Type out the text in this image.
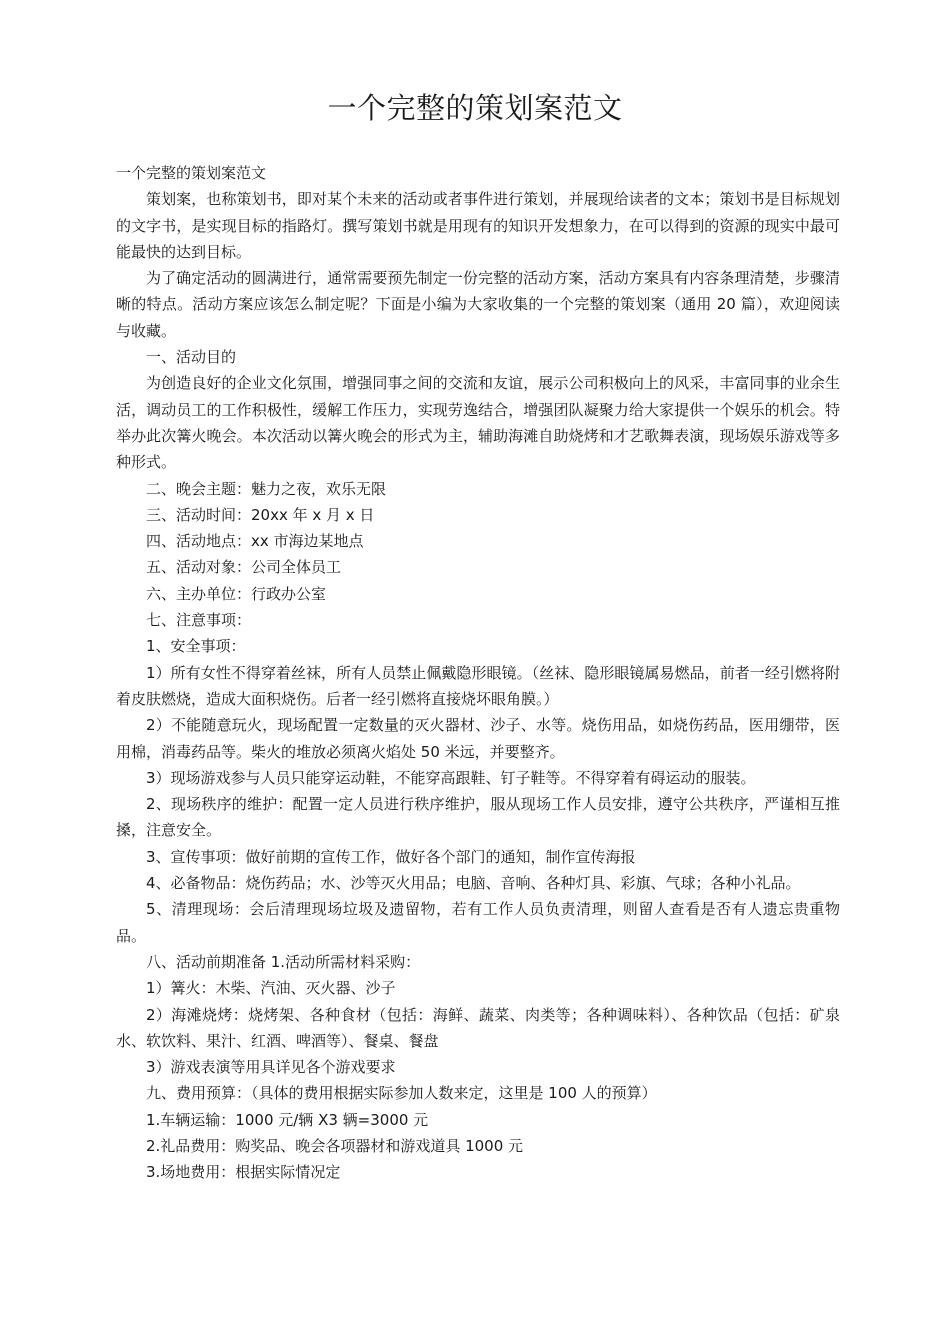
一个完整的策划案范文

一个完整的策划案范文

策划案，也称策划书，即对某个未来的活动或者事件进行策划，并展现给读者的文本；策划书是目标规划的文字书，是实现目标的指路灯。撰写策划书就是用现有的知识开发想象力，在可以得到的资源的现实中最可能最快的达到目标。

为了确定活动的圆满进行，通常需要预先制定一份完整的活动方案，活动方案具有内容条理清楚，步骤清晰的特点。活动方案应该怎么制定呢？下面是小编为大家收集的一个完整的策划案（通用 20 篇），欢迎阅读与收藏。

一、活动目的

为创造良好的企业文化氛围，增强同事之间的交流和友谊，展示公司积极向上的风采，丰富同事的业余生活，调动员工的工作积极性，缓解工作压力，实现劳逸结合，增强团队凝聚力给大家提供一个娱乐的机会。特举办此次篝火晚会。本次活动以篝火晚会的形式为主，辅助海滩自助烧烤和才艺歌舞表演，现场娱乐游戏等多种形式。

二、晚会主题：魅力之夜，欢乐无限

三、活动时间：20xx 年 x 月 x 日

四、活动地点：xx 市海边某地点

五、活动对象：公司全体员工

六、主办单位：行政办公室

七、注意事项：

1、安全事项：

1）所有女性不得穿着丝袜，所有人员禁止佩戴隐形眼镜。（丝袜、隐形眼镜属易燃品，前者一经引燃将附着皮肤燃烧，造成大面积烧伤。后者一经引燃将直接烧坏眼角膜。）

2）不能随意玩火，现场配置一定数量的灭火器材、沙子、水等。烧伤用品，如烧伤药品，医用绷带，医用棉，消毒药品等。柴火的堆放必须离火焰处 50 米远，并要整齐。

3）现场游戏参与人员只能穿运动鞋，不能穿高跟鞋、钉子鞋等。不得穿着有碍运动的服装。

2、现场秩序的维护：配置一定人员进行秩序维护，服从现场工作人员安排，遵守公共秩序，严谨相互推搡，注意安全。

3、宣传事项：做好前期的宣传工作，做好各个部门的通知，制作宣传海报

4、必备物品：烧伤药品；水、沙等灭火用品；电脑、音响、各种灯具、彩旗、气球；各种小礼品。

5、清理现场：会后清理现场垃圾及遗留物，若有工作人员负责清理，则留人查看是否有人遗忘贵重物品。

八、活动前期准备 1.活动所需材料采购：

1）篝火：木柴、汽油、灭火器、沙子

2）海滩烧烤：烧烤架、各种食材（包括：海鲜、蔬菜、肉类等；各种调味料）、各种饮品（包括：矿泉水、软饮料、果汁、红酒、啤酒等）、餐桌、餐盘

3）游戏表演等用具详见各个游戏要求

九、费用预算：（具体的费用根据实际参加人数来定，这里是 100 人的预算）

1.车辆运输：1000 元/辆 X3 辆=3000 元

2.礼品费用：购奖品、晚会各项器材和游戏道具 1000 元

3.场地费用：根据实际情况定
